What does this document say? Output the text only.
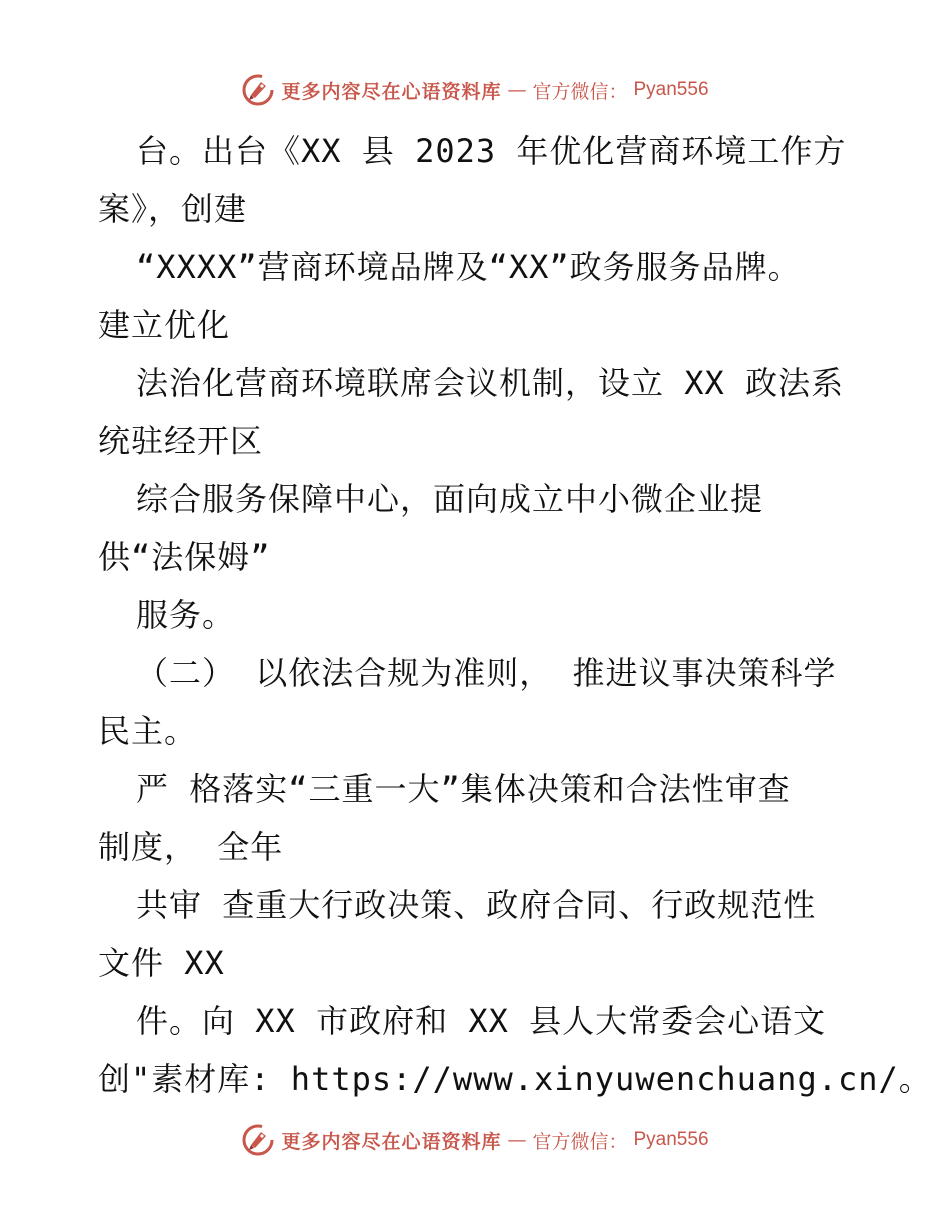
更多内容尽在心语资料库 — 官方微信： Pyan556
台。出台《XX 县 2023 年优化营商环境工作方
案》，创建
“XXXX”营商环境品牌及“XX”政务服务品牌。
建立优化
法治化营商环境联席会议机制，设立 XX 政法系
统驻经开区
综合服务保障中心，面向成立中小微企业提
供“法保姆”
服务。
（二） 以依法合规为准则， 推进议事决策科学
民主。
严 格落实“三重一大”集体决策和合法性审查
制度， 全年
共审 查重大行政决策、政府合同、行政规范性
文件 XX
件。向 XX 市政府和 XX 县人大常委会心语文
创"素材库: https://www.xinyuwenchuang.cn/。
更多内容尽在心语资料库 — 官方微信： Pyan556
